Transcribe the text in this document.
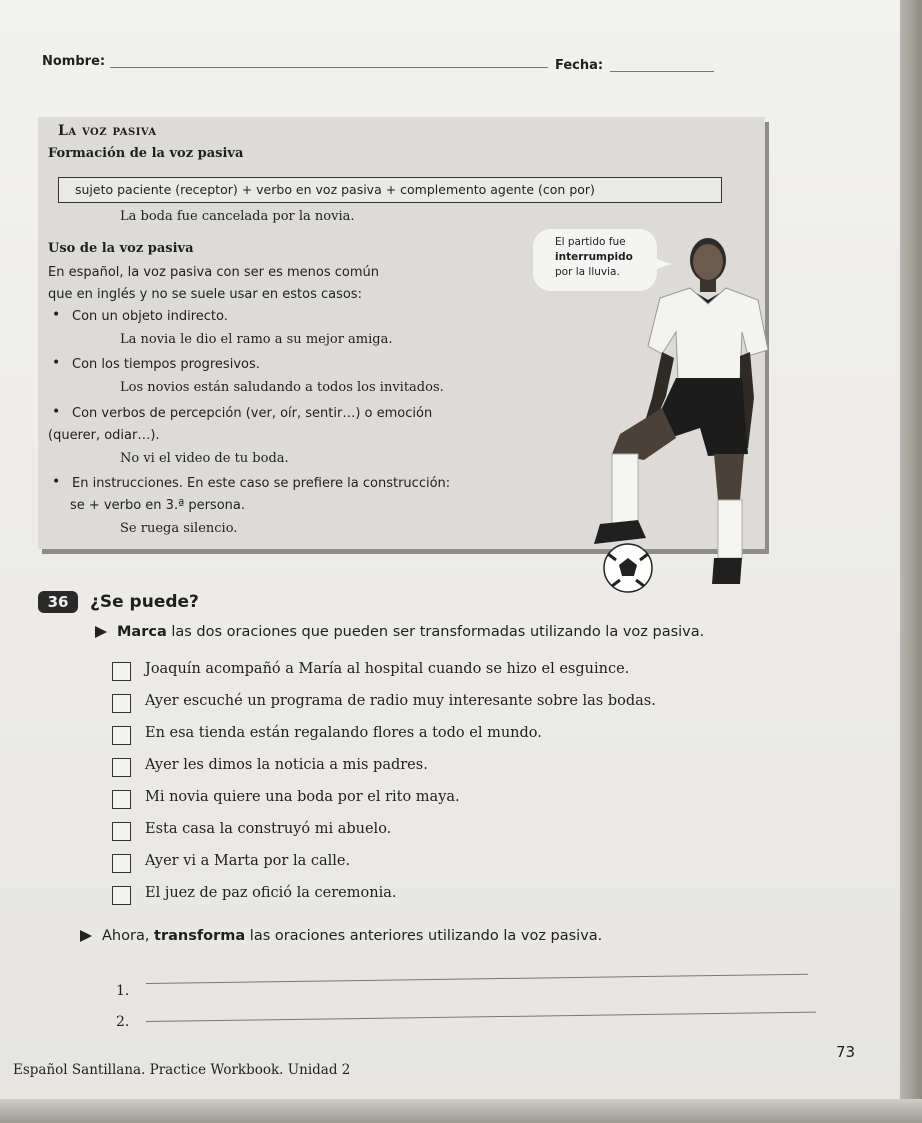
Nombre:	Fecha:
La voz pasiva
Formación de la voz pasiva
sujeto paciente (receptor) + verbo en voz pasiva + complemento agente (con por)
La boda fue cancelada por la novia.
Uso de la voz pasiva
En español, la voz pasiva con ser es menos común
que en inglés y no se suele usar en estos casos:
• Con un objeto indirecto.
La novia le dio el ramo a su mejor amiga.
• Con los tiempos progresivos.
Los novios están saludando a todos los invitados.
• Con verbos de percepción (ver, oír, sentir…) o emoción
(querer, odiar…).
No vi el video de tu boda.
• En instrucciones. En este caso se prefiere la construcción:
se + verbo en 3.ª persona.
Se ruega silencio.
El partido fue
interrumpido
por la lluvia.
36	¿Se puede?
Marca las dos oraciones que pueden ser transformadas utilizando la voz pasiva.
Joaquín acompañó a María al hospital cuando se hizo el esguince.
Ayer escuché un programa de radio muy interesante sobre las bodas.
En esa tienda están regalando flores a todo el mundo.
Ayer les dimos la noticia a mis padres.
Mi novia quiere una boda por el rito maya.
Esta casa la construyó mi abuelo.
Ayer vi a Marta por la calle.
El juez de paz ofició la ceremonia.
Ahora, transforma las oraciones anteriores utilizando la voz pasiva.
1.
2.
73
Español Santillana. Practice Workbook. Unidad 2
